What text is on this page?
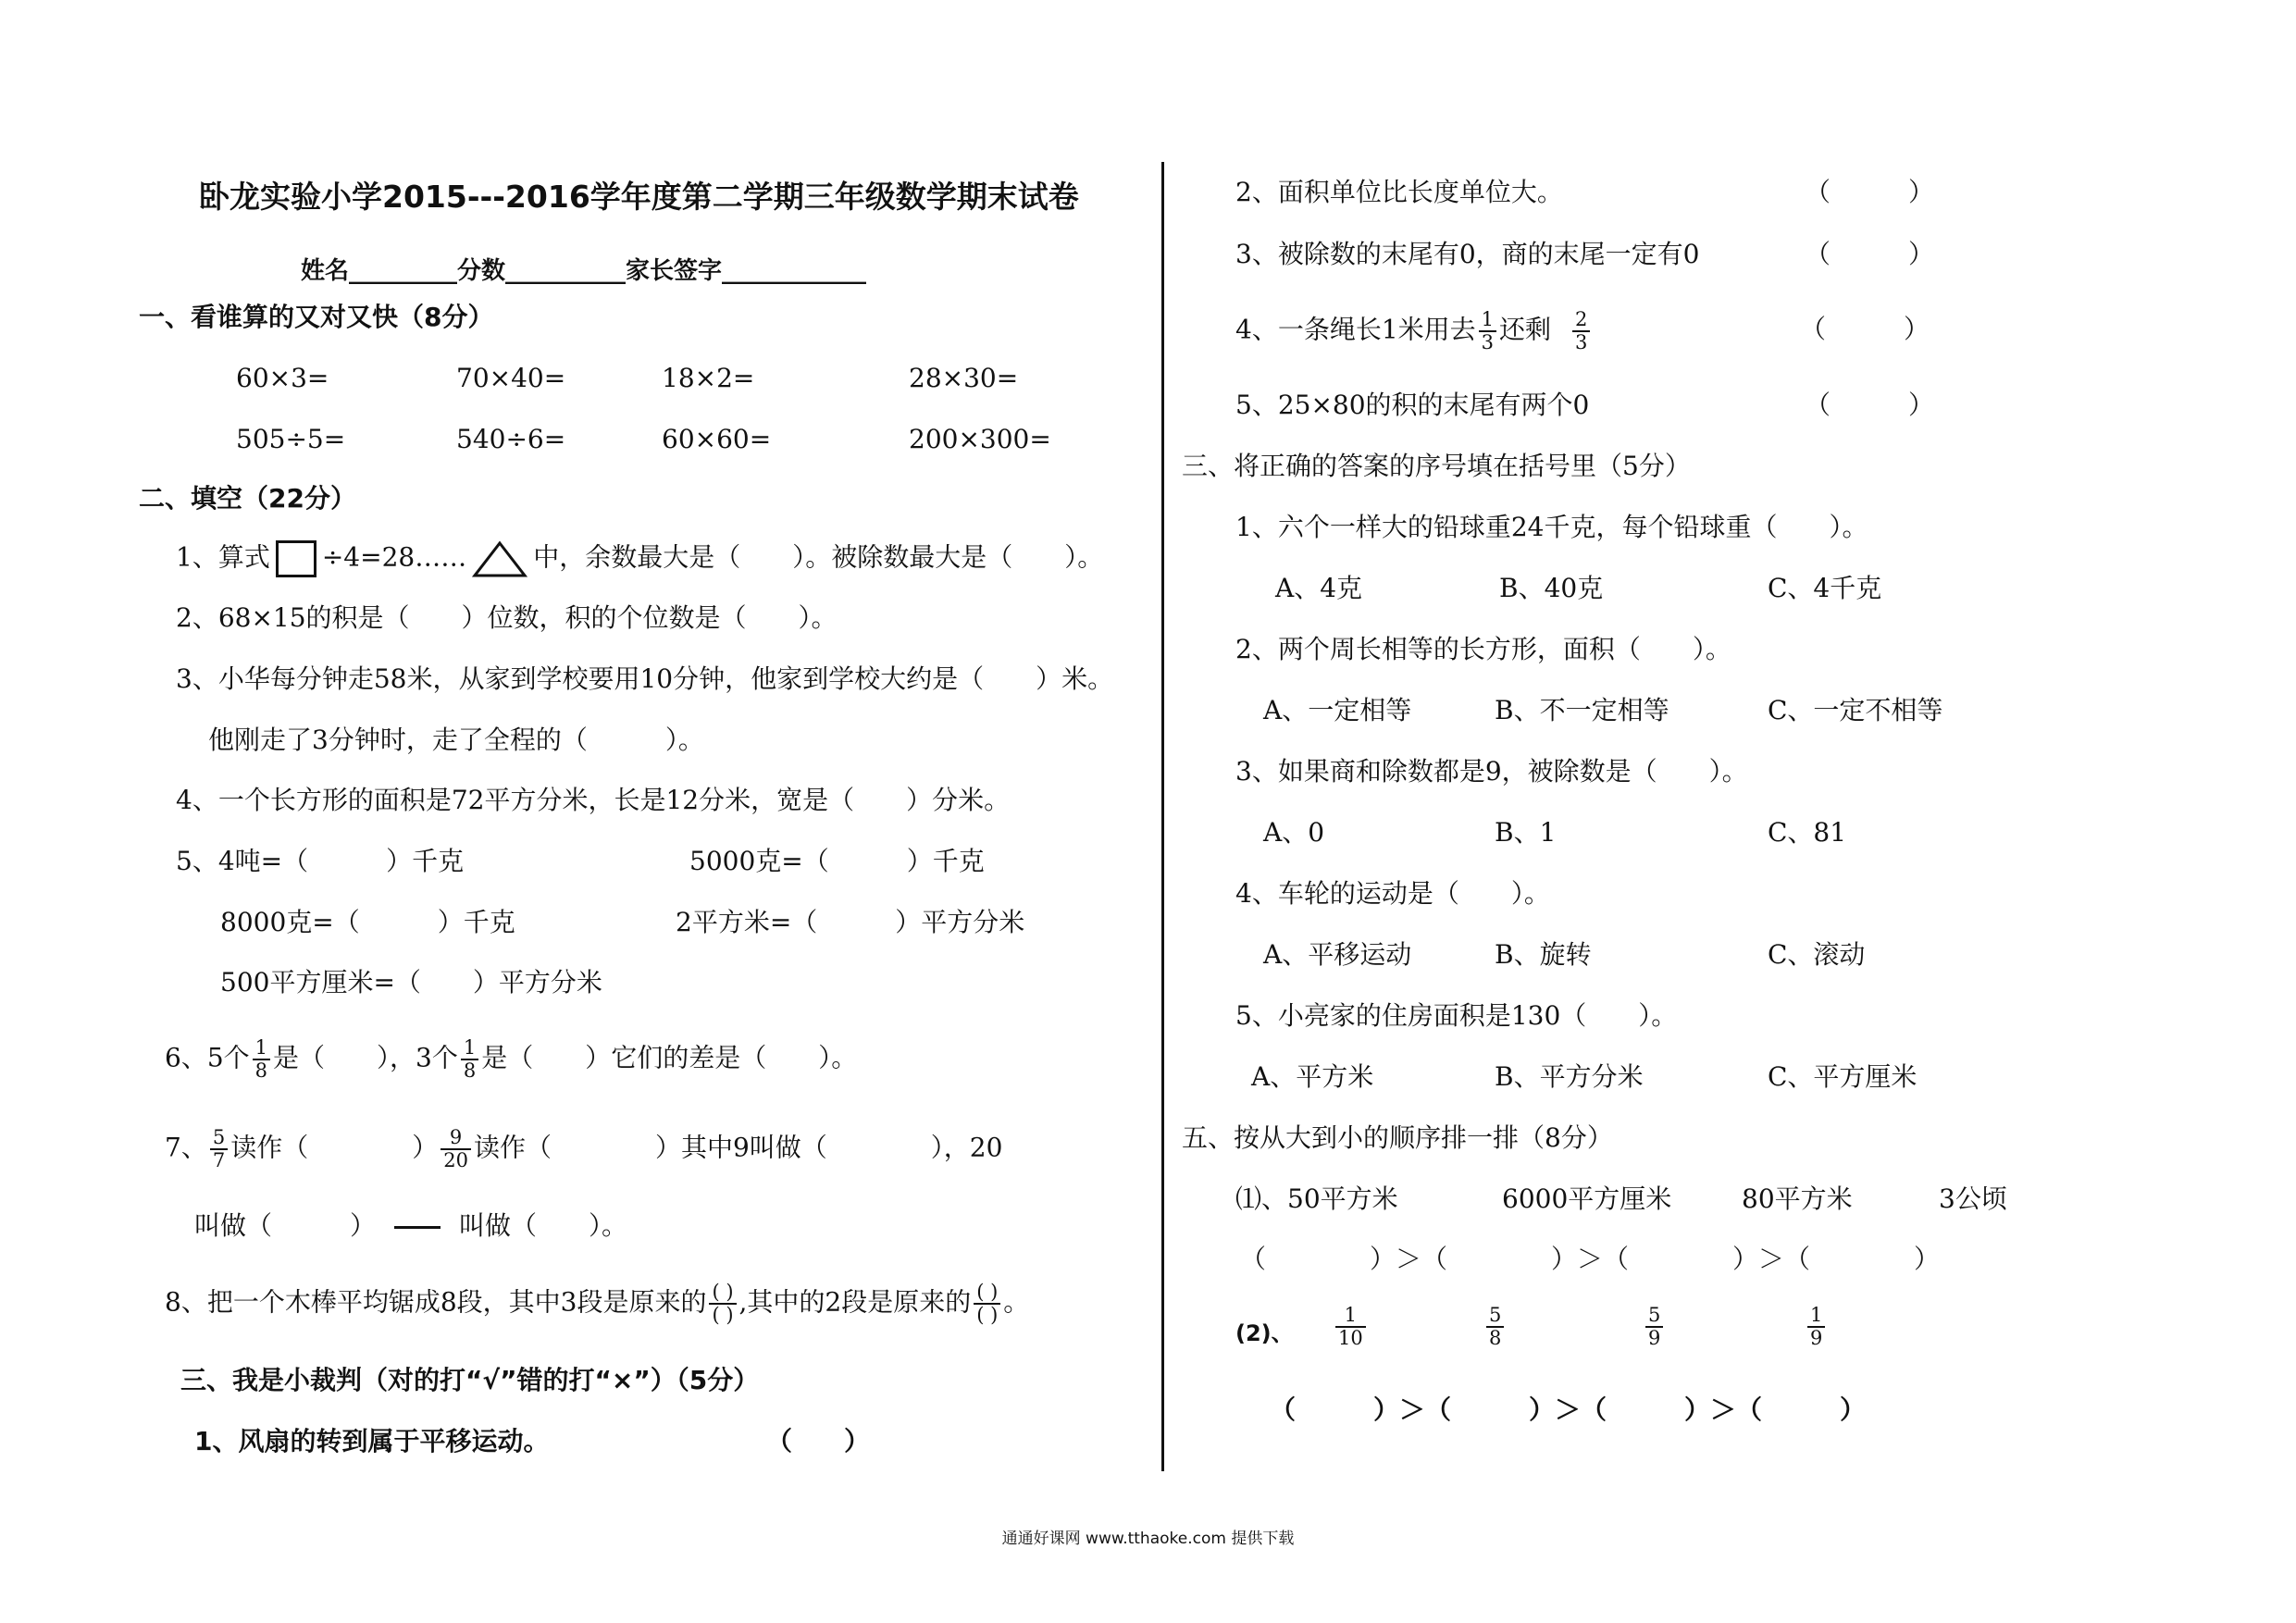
卧龙实验小学2015---2016学年度第二学期三年级数学期末试卷
姓名_________分数__________家长签字____________
一、看谁算的又对又快（8分）
60×3=	70×40=	18×2=	28×30=
505÷5=	540÷6=	60×60=	200×300=
二、填空（22分）
1、算式 ÷4=28……	中，余数最大是（　　）。被除数最大是（　　）。
2、68×15的积是（　　）位数，积的个位数是（　　）。
3、小华每分钟走58米，从家到学校要用10分钟，他家到学校大约是（　　）米。
他刚走了3分钟时，走了全程的（　　　）。
4、一个长方形的面积是72平方分米，长是12分米，宽是（　　）分米。
5、4吨=（　　　）千克	5000克=（　　　）千克
8000克=（　　　）千克	2平方米=（　　　）平方分米
500平方厘米=（　　）平方分米
6、5个 $\frac{1}{8}$ 是（　　），3个 $\frac{1}{8}$ 是（　　）它们的差是（　　）。
7、 $\frac{5}{7}$ 读作（　　　　） $\frac{9}{20}$ 读作（　　　　）其中9叫做（　　　　），20
叫做（　　　）	叫做（　　）。
8、把一个木棒平均锯成8段，其中3段是原来的 $\frac{( )}{( )}$ ,其中的2段是原来的 $\frac{( )}{( )}$ 。
三、我是小裁判（对的打“√”错的打“×”）（5分）
1、风扇的转到属于平移运动。	（　　）
2、面积单位比长度单位大。	（　　　）
3、被除数的末尾有0，商的末尾一定有0	（　　　）
4、一条绳长1米用去 $\frac{1}{3}$ 还剩 $\frac{2}{3}$	（　　　）
5、25×80的积的末尾有两个0	（　　　）
三、将正确的答案的序号填在括号里（5分）
1、六个一样大的铅球重24千克，每个铅球重（　　）。
A、4克	B、40克	C、4千克
2、两个周长相等的长方形，面积（　　）。
A、一定相等	B、不一定相等	C、一定不相等
3、如果商和除数都是9，被除数是（　　）。
A、0	B、1	C、81
4、车轮的运动是（　　）。
A、平移运动	B、旋转	C、滚动
5、小亮家的住房面积是130（　　）。
A、平方米	B、平方分米	C、平方厘米
五、按从大到小的顺序排一排（8分）
⑴、50平方米	6000平方厘米	80平方米	3公顷
（　　　　）＞（　　　　）＞（　　　　）＞（　　　　）
(2)、 $\frac{1}{10}$	$\frac{5}{8}$	$\frac{5}{9}$	$\frac{1}{9}$
（　　　）＞（　　　）＞（　　　）＞（　　　）
通通好课网 www.tthaoke.com 提供下载
